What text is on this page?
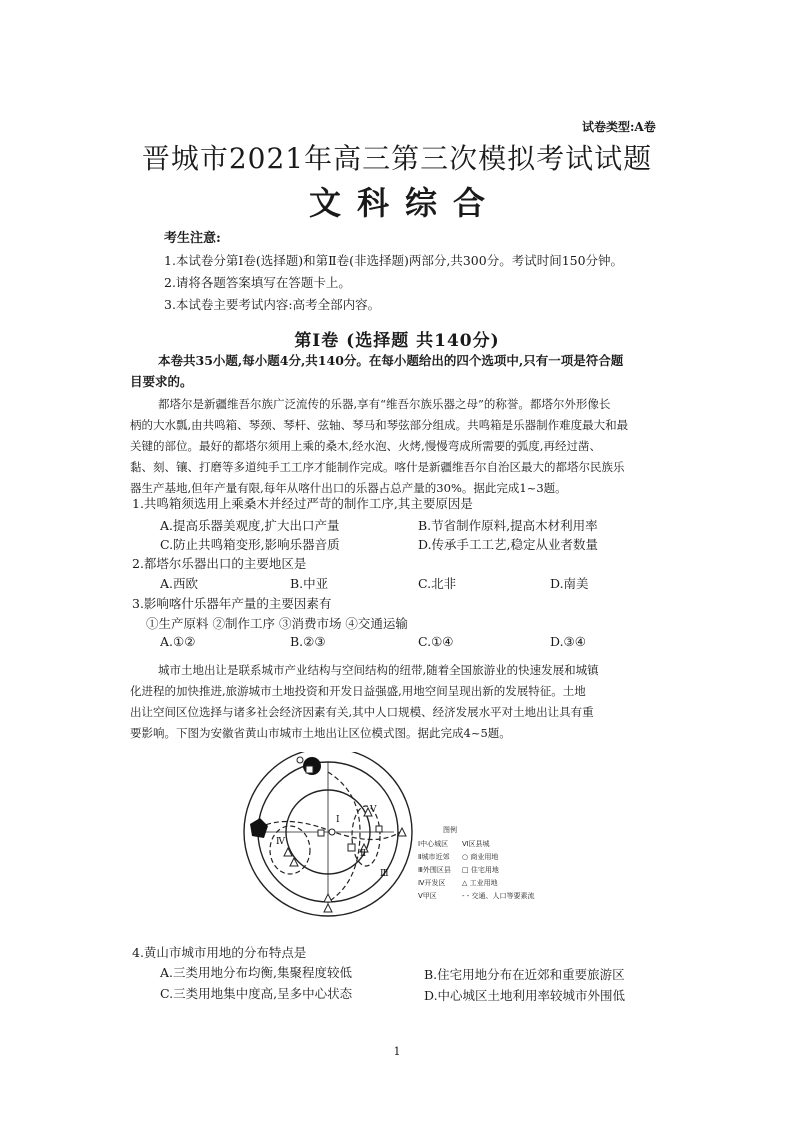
试卷类型:A卷
晋城市2021年高三第三次模拟考试试题
文科综合
考生注意:
1.本试卷分第Ⅰ卷(选择题)和第Ⅱ卷(非选择题)两部分,共300分。考试时间150分钟。
2.请将各题答案填写在答题卡上。
3.本试卷主要考试内容:高考全部内容。
第Ⅰ卷 (选择题 共140分)
本卷共35小题,每小题4分,共140分。在每小题给出的四个选项中,只有一项是符合题
目要求的。
都塔尔是新疆维吾尔族广泛流传的乐器,享有“维吾尔族乐器之母”的称誉。都塔尔外形像长
柄的大水瓢,由共鸣箱、琴颈、琴杆、弦轴、琴马和琴弦部分组成。共鸣箱是乐器制作难度最大和最
关键的部位。最好的都塔尔须用上乘的桑木,经水泡、火烤,慢慢弯成所需要的弧度,再经过凿、
黏、刻、镶、打磨等多道纯手工工序才能制作完成。喀什是新疆维吾尔自治区最大的都塔尔民族乐
器生产基地,但年产量有限,每年从喀什出口的乐器占总产量的30%。据此完成1~3题。
1.共鸣箱须选用上乘桑木并经过严苛的制作工序,其主要原因是
A.提高乐器美观度,扩大出口产量	B.节省制作原料,提高木材利用率
C.防止共鸣箱变形,影响乐器音质	D.传承手工工艺,稳定从业者数量
2.都塔尔乐器出口的主要地区是
A.西欧	B.中亚	C.北非	D.南美
3.影响喀什乐器年产量的主要因素有
①生产原料 ②制作工序 ③消费市场 ④交通运输
A.①②	B.②③	C.①④	D.③④
城市土地出让是联系城市产业结构与空间结构的纽带,随着全国旅游业的快速发展和城镇
化进程的加快推进,旅游城市土地投资和开发日益强盛,用地空间呈现出新的发展特征。土地
出让空间区位选择与诸多社会经济因素有关,其中人口规模、经济发展水平对土地出让具有重
要影响。下图为安徽省黄山市城市土地出让区位模式图。据此完成4~5题。
Ⅰ
Ⅱ
Ⅲ
Ⅳ
Ⅴ
图例
Ⅰ中心城区 Ⅵ区县城
Ⅱ城市近郊 ○ 商业用地
Ⅲ外围区县 □ 住宅用地
Ⅳ开发区 △ 工业用地
Ⅴ甲区	- - 交通、人口等要素流
4.黄山市城市用地的分布特点是
A.三类用地分布均衡,集聚程度较低	B.住宅用地分布在近郊和重要旅游区
C.三类用地集中度高,呈多中心状态	D.中心城区土地利用率较城市外围低
1
